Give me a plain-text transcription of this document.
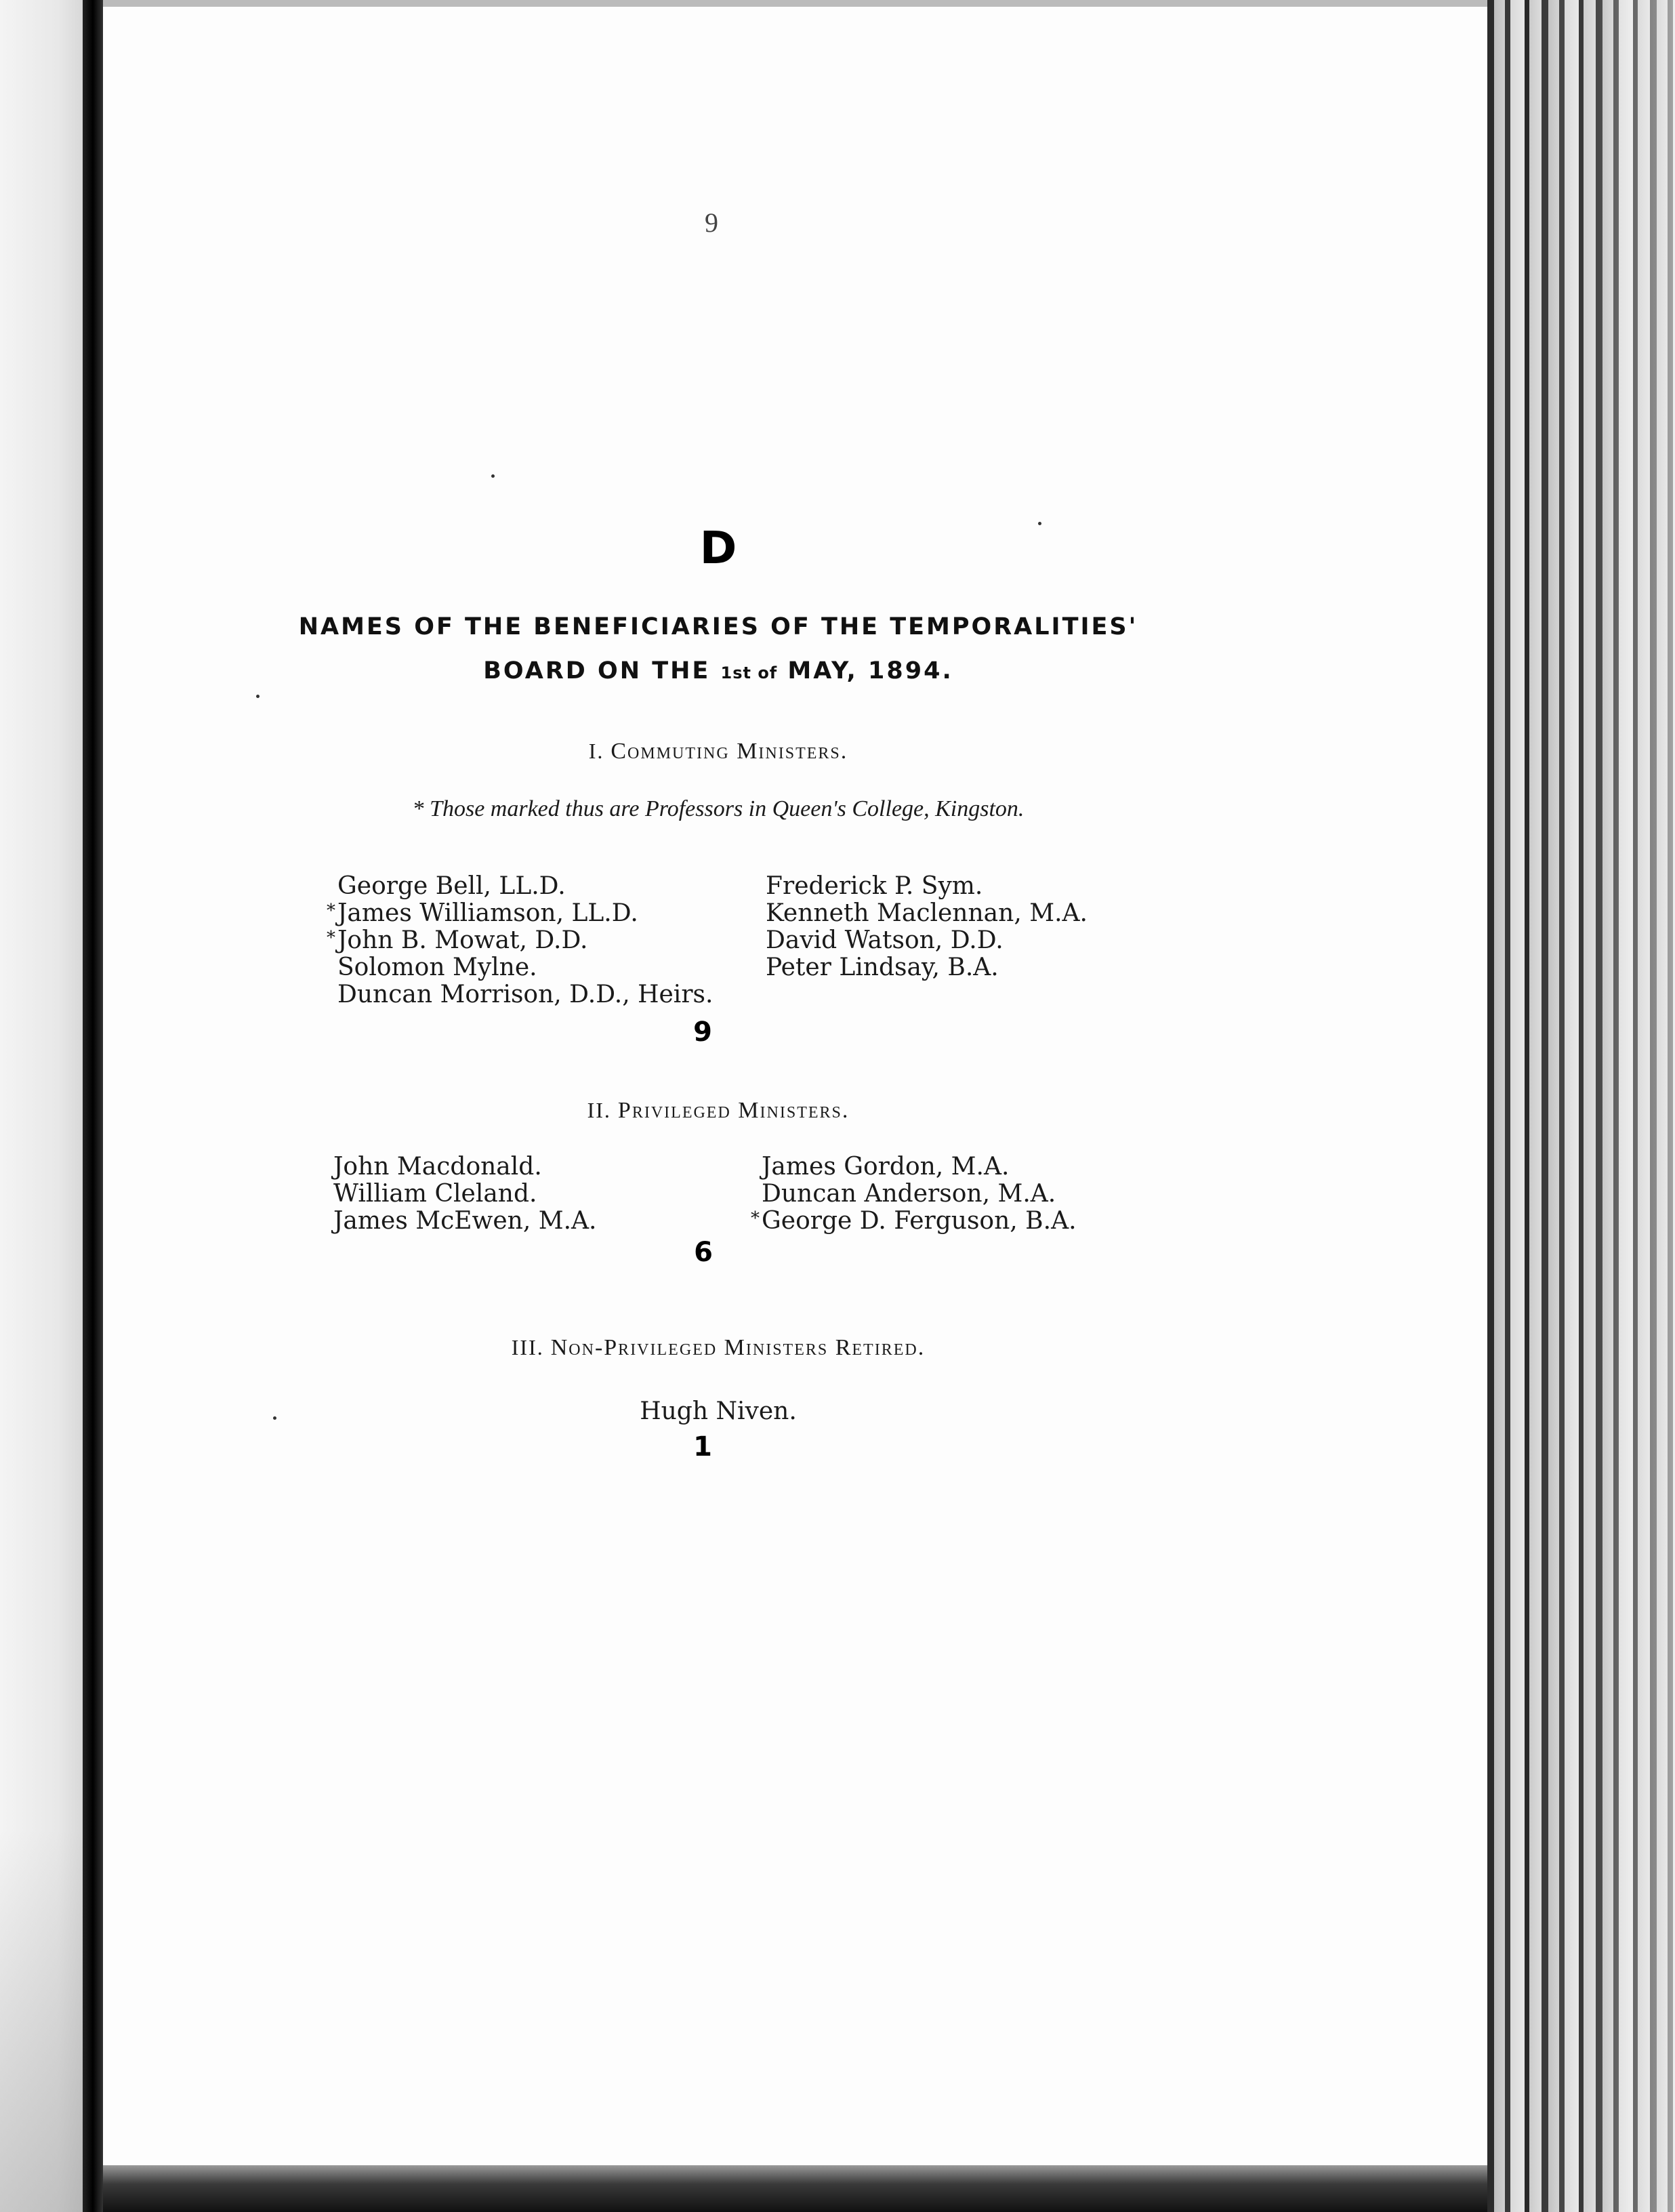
9
D
NAMES OF THE BENEFICIARIES OF THE TEMPORALITIES'
BOARD ON THE 1st of MAY, 1894.
I. Commuting Ministers.
* Those marked thus are Professors in Queen's College, Kingston.
George Bell, LL.D.
* James Williamson, LL.D.
* John B. Mowat, D.D.
Solomon Mylne.
Duncan Morrison, D.D., Heirs.
Frederick P. Sym.
Kenneth Maclennan, M.A.
David Watson, D.D.
Peter Lindsay, B.A.
9
II. Privileged Ministers.
John Macdonald.
William Cleland.
James McEwen, M.A.
James Gordon, M.A.
Duncan Anderson, M.A.
* George D. Ferguson, B.A.
6
III. Non-Privileged Ministers Retired.
Hugh Niven.
1
